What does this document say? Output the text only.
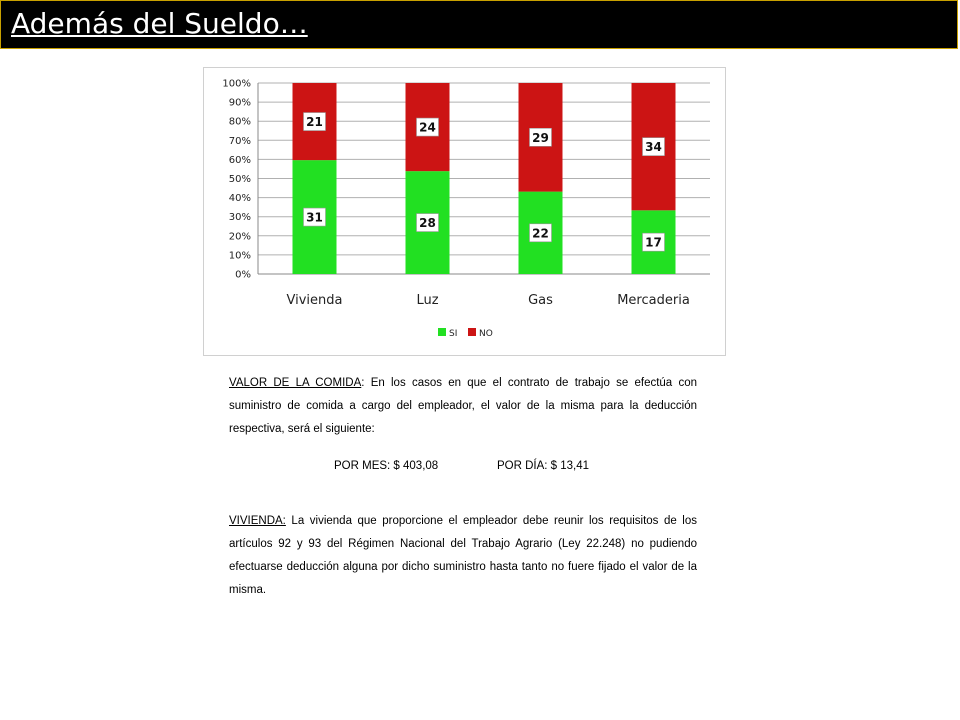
Además del Sueldo…
0%
10%
20%
30%
40%
50%
60%
70%
80%
90%
100%
31
21
Vivienda
28
24
Luz
22
29
Gas
17
34
Mercaderia
SI NO
VALOR DE LA COMIDA: En los casos en que el contrato de trabajo se efectúa con suministro de comida a cargo del empleador, el valor de la misma para la deducción respectiva, será el siguiente:
POR MES: $ 403,08	POR DÍA: $ 13,41
VIVIENDA: La vivienda que proporcione el empleador debe reunir los requisitos de los artículos 92 y 93 del Régimen Nacional del Trabajo Agrario (Ley 22.248) no pudiendo efectuarse deducción alguna por dicho suministro hasta tanto no fuere fijado el valor de la misma.
